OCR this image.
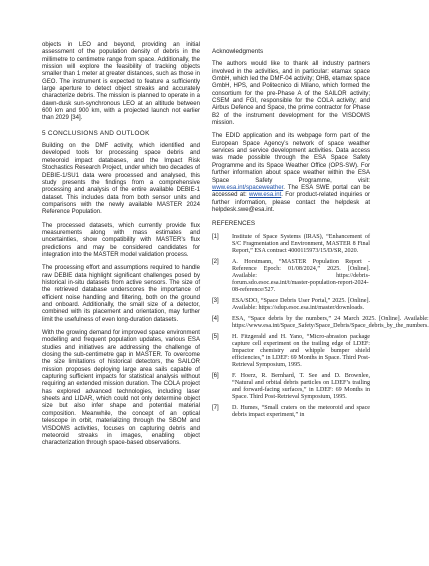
objects in LEO and beyond, providing an initial assessment of the population density of debris in the millimetre to centimetre range from space. Additionally, the mission will explore the feasibility of tracking objects smaller than 1 meter at greater distances, such as those in GEO. The instrument is expected to feature a sufficiently large aperture to detect object streaks and accurately characterize debris. The mission is planned to operate in a dawn-dusk sun-synchronous LEO at an altitude between 600 km and 900 km, with a projected launch not earlier than 2029 [34].

5 CONCLUSIONS AND OUTLOOK

Building on the DMF activity, which identified and developed tools for processing space debris and meteoroid impact databases, and the Impact Risk Stochastics Research Project, under which two decades of DEBIE-1/SU1 data were processed and analysed, this study presents the findings from a comprehensive processing and analysis of the entire available DEBIE-1 dataset. This includes data from both sensor units and comparisons with the newly available MASTER 2024 Reference Population.

The processed datasets, which currently provide flux measurements along with mass estimates and uncertainties, show compatibility with MASTER’s flux predictions and may be considered candidates for integration into the MASTER model validation process.

The processing effort and assumptions required to handle raw DEBIE data highlight significant challenges posed by historical in-situ datasets from active sensors. The size of the retrieved database underscores the importance of efficient noise handling and filtering, both on the ground and onboard. Additionally, the small size of a detector, combined with its placement and orientation, may further limit the usefulness of even long-duration datasets.

With the growing demand for improved space environment modelling and frequent population updates, various ESA studies and initiatives are addressing the challenge of closing the sub-centimetre gap in MASTER. To overcome the size limitations of historical detectors, the SAILOR mission proposes deploying large area sails capable of capturing sufficient impacts for statistical analysis without requiring an extended mission duration. The COLA project has explored advanced technologies, including laser sheets and LIDAR, which could not only determine object size but also infer shape and potential material composition. Meanwhile, the concept of an optical telescope in orbit, materializing through the SBOM and VISDOMS activities, focuses on capturing debris and meteoroid streaks in images, enabling object characterization through space-based observations.

Acknowledgments

The authors would like to thank all industry partners involved in the activities, and in particular: etamax space GmbH, which led the DMF-04 activity; OHB, etamax space GmbH, HPS, and Politecnico di Milano, which formed the consortium for the pre-Phase A of the SAILOR activity; CSEM and FGI, responsible for the COLA activity; and Airbus Defence and Space, the prime contractor for Phase B2 of the instrument development for the VISDOMS mission.

The EDID application and its webpage form part of the European Space Agency’s network of space weather services and service development activities. Data access was made possible through the ESA Space Safety Programme and its Space Weather Office (OPS-SW). For further information about space weather within the ESA Space Safety Programme, visit: www.esa.int/spaceweather. The ESA SWE portal can be accessed at: www.esa.int. For product-related inquiries or further information, please contact the helpdesk at helpdesk.swe@esa.int.

REFERENCES
[1]	Institute of Space Systems (IRAS), “Enhancement of S/C Fragmentation and Environment, MASTER 8 Final Report,” ESA contract 4000115973/15/D/SR, 2020.
[2]	A. Horstmann, “MASTER Population Report - Reference Epoch: 01/08/2024,” 2025. [Online]. Available: https://debris-forum.sdo.esoc.esa.int/t/master-population-report-2024-08-reference/527.
[3]	ESA/SDO, “Space Debris User Portal,” 2025. [Online]. Available: https://sdup.esoc.esa.int/master/downloads.
[4]	ESA, “Space debris by the numbers,” 24 March 2025. [Online]. Available: https://www.esa.int/Space_Safety/Space_Debris/Space_debris_by_the_numbers.
[5]	H. Fitzgerald and H. Yano, “Micro-abrasion package capture cell experiment on the trailing edge of LDEF: Impactor chemistry and whipple bumper shield efficiencies,” in LDEF: 69 Months in Space. Third Post-Retrieval Symposium, 1995.
[6]	F. Hoerz, R. Bernhard, T. See and D. Brownlee, “Natural and orbital debris particles on LDEF’s trailing and forward-facing surfaces,” in LDEF: 69 Months in Space. Third Post-Retrieval Symposium, 1995.
[7]	D. Humes, “Small craters on the meteoroid and space debris impact experiment,” in
